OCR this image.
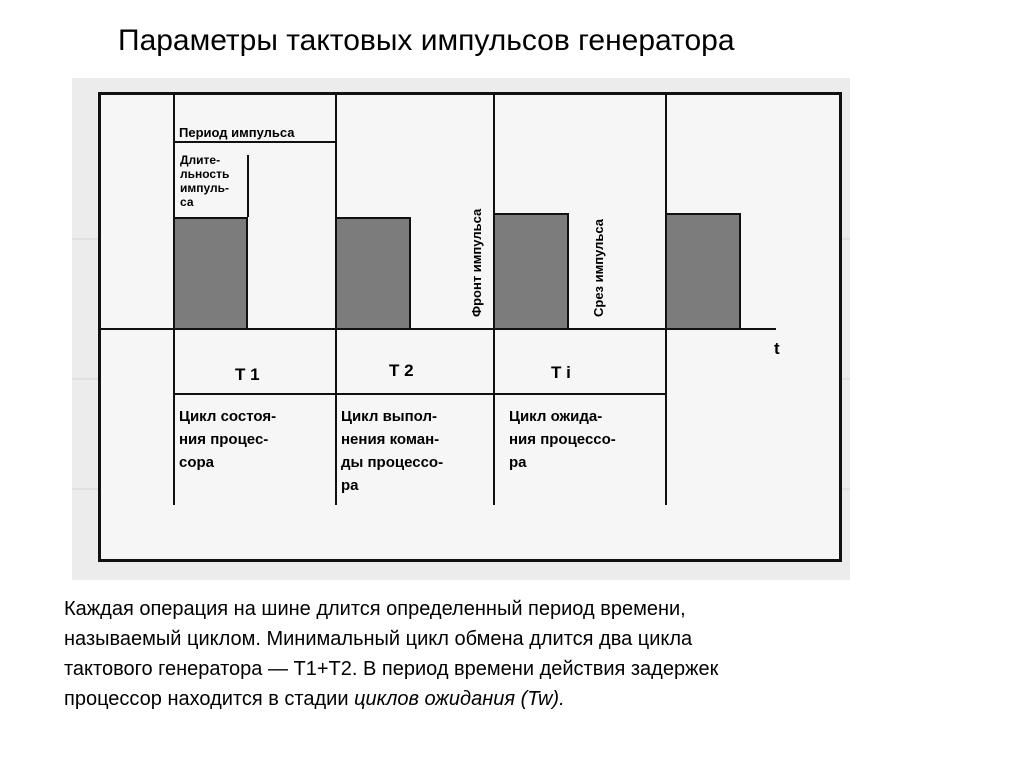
Параметры тактовых импульсов генератора
t
Период импульса
Длите-
льность
импуль-
са
Фронт импульса	Срез импульса
Т 1	Т 2	Т i
Цикл состоя-
ния процес-
сора
Цикл выпол-
нения коман-
ды процессо-
ра
Цикл ожида-
ния процессо-
ра
Каждая операция на шине длится определенный период времени,
называемый циклом. Минимальный цикл обмена длится два цикла
тактового генератора — Т1+Т2. В период времени действия задержек
процессор находится в стадии циклов ожидания (Tw).
